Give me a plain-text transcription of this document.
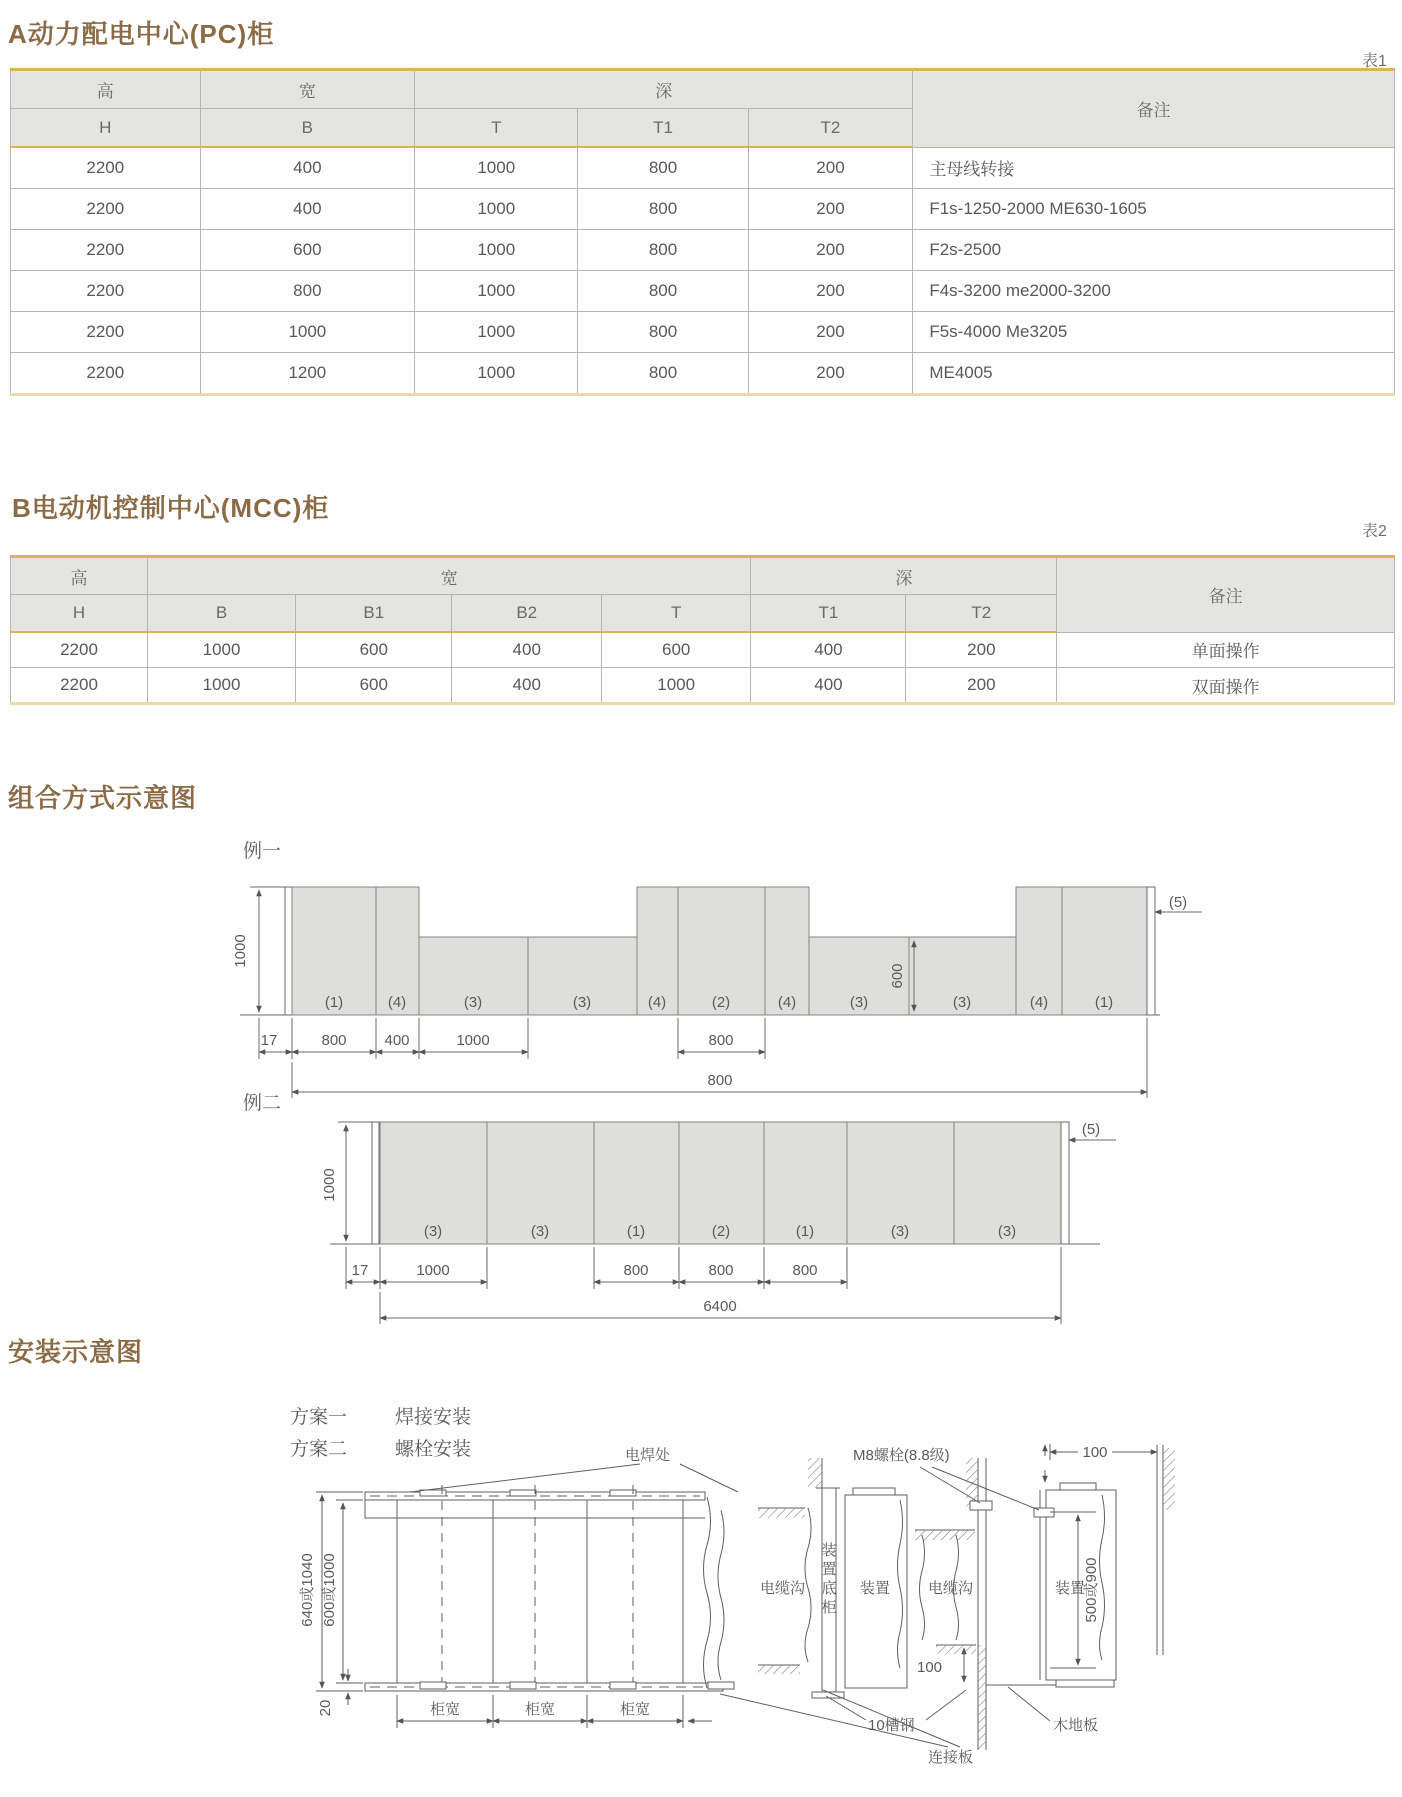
A动力配电中心(PC)柜
表1
高	宽	深			备注
H	B	T	T1	T2	
2200	400	1000	800	200	主母线转接
2200	400	1000	800	200	F1s-1250-2000 ME630-1605
2200	600	1000	800	200	F2s-2500
2200	800	1000	800	200	F4s-3200 me2000-3200
2200	1000	1000	800	200	F5s-4000 Me3205
2200	1200	1000	800	200	ME4005
B电动机控制中心(MCC)柜
表2
高	宽				深		备注
H	B	B1	B2	T	T1	T2	
2200	1000	600	400	600	400	200	单面操作
2200	1000	600	400	1000	400	200	双面操作
组合方式示意图
例一
1000
600
(1)	(4)	(3)	(3)	(4)	(2)	(4)	(3)	(3)	(4)	(1)
17	800	400	1000	800
800
(5)
例二
1000
(3)	(3)	(1)	(2)	(1)	(3)	(3)
17	1000	800	800	800
6400
(5)
安装示意图
方案一	焊接安装
方案二	螺栓安装	电焊处	M8螺栓(8.8级)	100
电缆沟
装
置
底
柜
装置	电缆沟	装置
500或900
100
10槽钢	木地板
连接板
柜宽	柜宽	柜宽
640或1040 600或1000
20
